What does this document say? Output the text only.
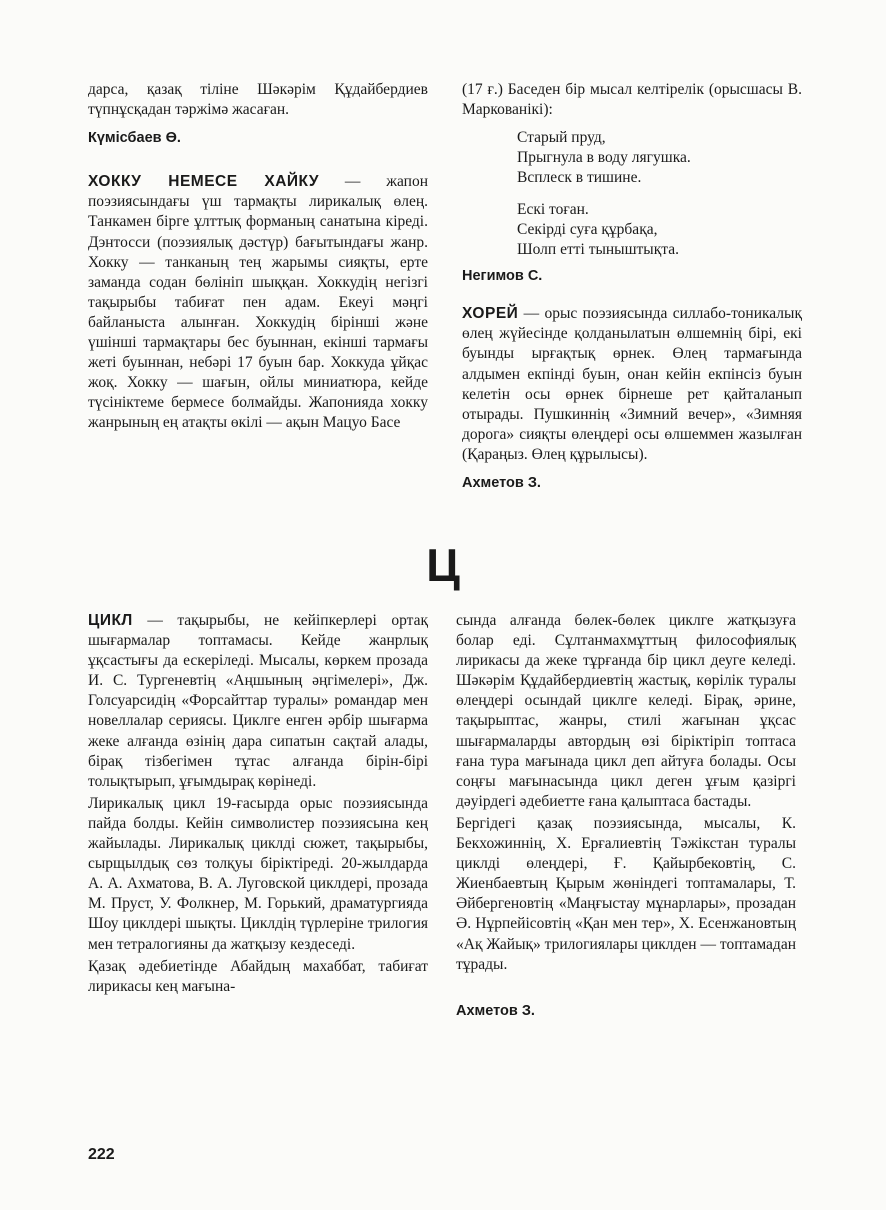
дарса, қазақ тіліне Шәкәрім Құдайбердиев түпнұсқадан тәржімә жасаған.

Күмісбаев Ө.

ХОККУ НЕМЕСЕ ХАЙКУ — жапон поэзиясындағы үш тармақты лирикалық өлең. Танкамен бірге ұлттық форманың санатына кіреді. Дэнтосси (поэзиялық дәстүр) бағытындағы жанр. Хокку — танканың тең жарымы сияқты, ерте заманда содан бөлініп шыққан. Хоккудің негізгі тақырыбы табиғат пен адам. Екеуі мәңгі байланыста алынған. Хоккудің бірінші және үшінші тармақтары бес буыннан, екінші тармағы жеті буыннан, небәрі 17 буын бар. Хоккуда ұйқас жоқ. Хокку — шағын, ойлы миниатюра, кейде түсініктеме бермесе болмайды. Жапонияда хокку жанрының ең атақты өкілі — ақын Мацуо Басе

(17 ғ.) Баседен бір мысал келтірелік (орысшасы В. Маркованікі):

Старый пруд,
Прыгнула в воду лягушка.
Всплеск в тишине.
Ескі тоған.
Секірді суға құрбақа,
Шолп етті тыныштықта.

Негимов С.

ХОРЕЙ — орыс поэзиясында силлабо-тоникалық өлең жүйесінде қолданылатын өлшемнің бірі, екі буынды ырғақтық өрнек. Өлең тармағында алдымен екпінді буын, онан кейін екпінсіз буын келетін осы өрнек бірнеше рет қайталанып отырады. Пушкиннің «Зимний вечер», «Зимняя дорога» сияқты өлеңдері осы өлшеммен жазылған (Қараңыз. Өлең құрылысы).

Ахметов З.

Ц

ЦИКЛ — тақырыбы, не кейіпкерлері ортақ шығармалар топтамасы. Кейде жанрлық ұқсастығы да ескеріледі. Мысалы, көркем прозада И. С. Тургеневтің «Аңшының әңгімелері», Дж. Голсуарсидің «Форсайттар туралы» романдар мен новеллалар сериясы. Циклге енген әрбір шығарма жеке алғанда өзінің дара сипатын сақтай алады, бірақ тізбегімен тұтас алғанда бірін-бірі толықтырып, ұғымдырақ көрінеді.

Лирикалық цикл 19-ғасырда орыс поэзиясында пайда болды. Кейін символистер поэзиясына кең жайылады. Лирикалық циклді сюжет, тақырыбы, сырщылдық сөз толқуы біріктіреді. 20-жылдарда А. А. Ахматова, В. А. Луговской циклдері, прозада М. Пруст, У. Фолкнер, М. Горький, драматургияда Шоу циклдері шықты. Циклдің түрлеріне трилогия мен тетралогияны да жатқызу кездеседі.

Қазақ әдебиетінде Абайдың махаббат, табиғат лирикасы кең мағына-

сында алғанда бөлек-бөлек циклге жатқызуға болар еді. Сұлтанмахмұттың философиялық лирикасы да жеке тұрғанда бір цикл деуге келеді. Шәкәрім Құдайбердиевтің жастық, көрілік туралы өлеңдері осындай циклге келеді. Бірақ, әрине, тақырыптас, жанры, стилі жағынан ұқсас шығармаларды автордың өзі біріктіріп топтаса ғана тура мағынада цикл деп айтуға болады. Осы соңғы мағынасында цикл деген ұғым қазіргі дәуірдегі әдебиетте ғана қалыптаса бастады.

Бергідегі қазақ поэзиясында, мысалы, К. Бекхожиннің, Х. Ерғалиевтің Тәжікстан туралы циклді өлеңдері, Ғ. Қайырбековтің, С. Жиенбаевтың Қырым жөніндегі топтамалары, Т. Әйбергеновтің «Маңғыстау мұнарлары», прозадан Ә. Нұрпейісовтің «Қан мен тер», Х. Есенжановтың «Ақ Жайық» трилогиялары циклден — топтамадан тұрады.

Ахметов З.

222
